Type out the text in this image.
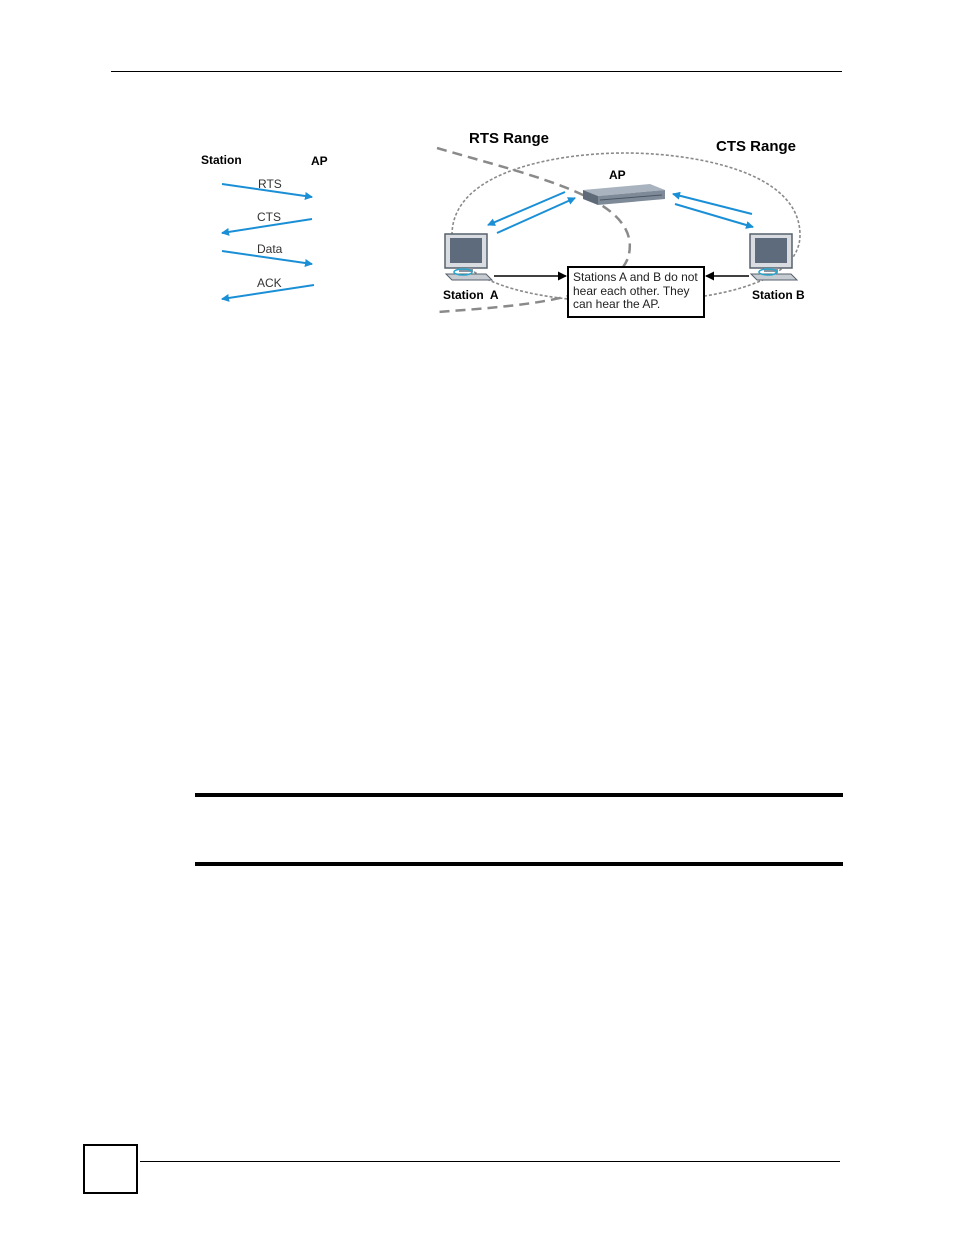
Station	AP
RTS
CTS
Data
ACK
RTS Range	CTS Range
AP
Station  A	Station B
Stations A and B do not hear each other. They can hear the AP.
